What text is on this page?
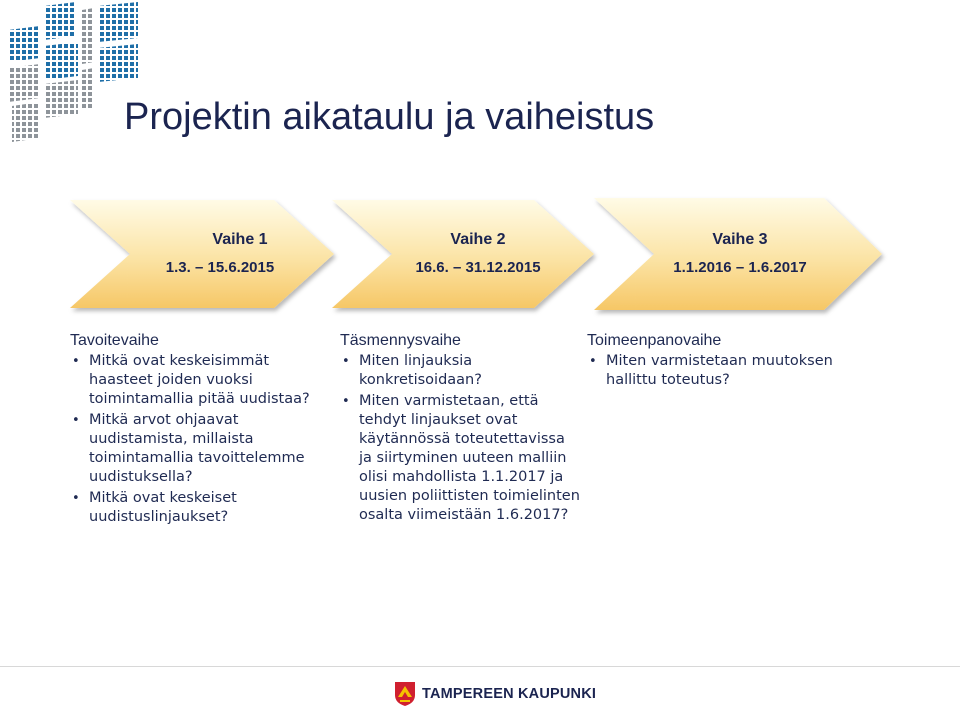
Projektin aikataulu ja vaiheistus
Vaihe 1
1.3. – 15.6.2015
Vaihe 2
16.6. – 31.12.2015
Vaihe 3
1.1.2016 – 1.6.2017
Tavoitevaihe
• Mitkä ovat keskeisimmät haasteet joiden vuoksi toimintamallia pitää uudistaa?
• Mitkä arvot ohjaavat uudistamista, millaista toimintamallia tavoittelemme uudistuksella?
• Mitkä ovat keskeiset uudistuslinjaukset?
Täsmennysvaihe
• Miten linjauksia konkretisoidaan?
• Miten varmistetaan, että tehdyt linjaukset ovat käytännössä toteutettavissa ja siirtyminen uuteen malliin olisi mahdollista 1.1.2017 ja uusien poliittisten toimielinten osalta viimeistään 1.6.2017?
Toimeenpanovaihe
• Miten varmistetaan muutoksen hallittu toteutus?
TAMPEREEN KAUPUNKI
